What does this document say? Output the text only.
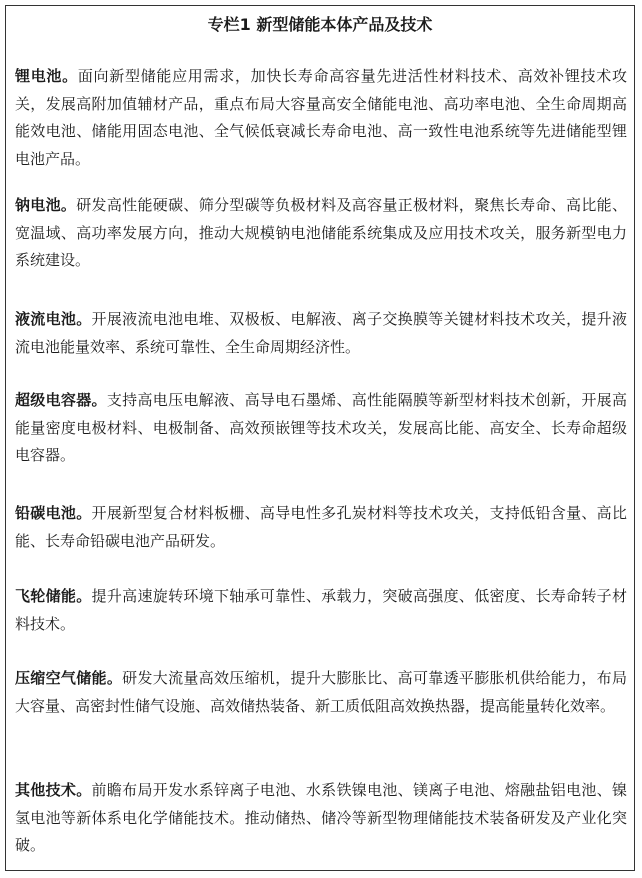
专栏1 新型储能本体产品及技术

锂电池。面向新型储能应用需求，加快长寿命高容量先进活性材料技术、高效补锂技术攻关，发展高附加值辅材产品，重点布局大容量高安全储能电池、高功率电池、全生命周期高能效电池、储能用固态电池、全气候低衰减长寿命电池、高一致性电池系统等先进储能型锂电池产品。

钠电池。研发高性能硬碳、筛分型碳等负极材料及高容量正极材料，聚焦长寿命、高比能、宽温域、高功率发展方向，推动大规模钠电池储能系统集成及应用技术攻关，服务新型电力系统建设。

液流电池。开展液流电池电堆、双极板、电解液、离子交换膜等关键材料技术攻关，提升液流电池能量效率、系统可靠性、全生命周期经济性。

超级电容器。支持高电压电解液、高导电石墨烯、高性能隔膜等新型材料技术创新，开展高能量密度电极材料、电极制备、高效预嵌锂等技术攻关，发展高比能、高安全、长寿命超级电容器。

铅碳电池。开展新型复合材料板栅、高导电性多孔炭材料等技术攻关，支持低铅含量、高比能、长寿命铅碳电池产品研发。

飞轮储能。提升高速旋转环境下轴承可靠性、承载力，突破高强度、低密度、长寿命转子材料技术。

压缩空气储能。研发大流量高效压缩机，提升大膨胀比、高可靠透平膨胀机供给能力，布局大容量、高密封性储气设施、高效储热装备、新工质低阻高效换热器，提高能量转化效率。

其他技术。前瞻布局开发水系锌离子电池、水系铁镍电池、镁离子电池、熔融盐铝电池、镍氢电池等新体系电化学储能技术。推动储热、储冷等新型物理储能技术装备研发及产业化突破。
